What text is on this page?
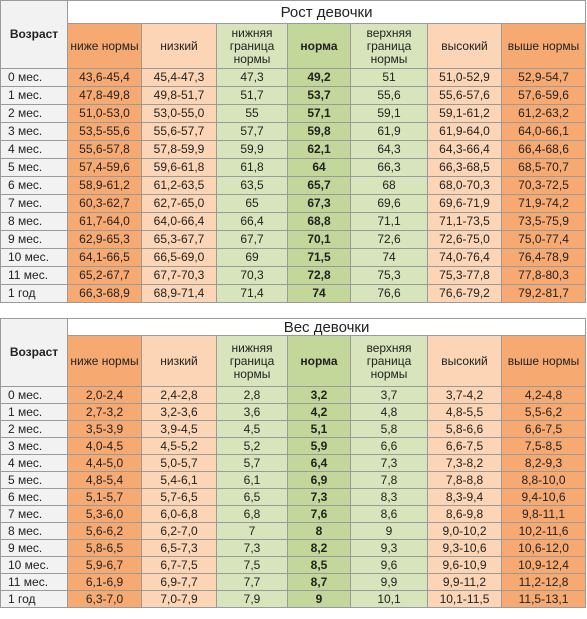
Возраст	Рост девочки						
	ниже нормы	низкий	нижняя граница нормы	норма	верхняя граница нормы	высокий	выше нормы
0 мес.	43,6-45,4	45,4-47,3	47,3	49,2	51	51,0-52,9	52,9-54,7
1 мес.	47,8-49,8	49,8-51,7	51,7	53,7	55,6	55,6-57,6	57,6-59,6
2 мес.	51,0-53,0	53,0-55,0	55	57,1	59,1	59,1-61,2	61,2-63,2
3 мес.	53,5-55,6	55,6-57,7	57,7	59,8	61,9	61,9-64,0	64,0-66,1
4 мес.	55,6-57,8	57,8-59,9	59,9	62,1	64,3	64,3-66,4	66,4-68,6
5 мес.	57,4-59,6	59,6-61,8	61,8	64	66,3	66,3-68,5	68,5-70,7
6 мес.	58,9-61,2	61,2-63,5	63,5	65,7	68	68,0-70,3	70,3-72,5
7 мес.	60,3-62,7	62,7-65,0	65	67,3	69,6	69,6-71,9	71,9-74,2
8 мес.	61,7-64,0	64,0-66,4	66,4	68,8	71,1	71,1-73,5	73,5-75,9
9 мес.	62,9-65,3	65,3-67,7	67,7	70,1	72,6	72,6-75,0	75,0-77,4
10 мес.	64,1-66,5	66,5-69,0	69	71,5	74	74,0-76,4	76,4-78,9
11 мес.	65,2-67,7	67,7-70,3	70,3	72,8	75,3	75,3-77,8	77,8-80,3
1 год	66,3-68,9	68,9-71,4	71,4	74	76,6	76,6-79,2	79,2-81,7
Возраст	Вес девочки						
	ниже нормы	низкий	нижняя граница нормы	норма	верхняя граница нормы	высокий	выше нормы
0 мес.	2,0-2,4	2,4-2,8	2,8	3,2	3,7	3,7-4,2	4,2-4,8
1 мес.	2,7-3,2	3,2-3,6	3,6	4,2	4,8	4,8-5,5	5,5-6,2
2 мес.	3,5-3,9	3,9-4,5	4,5	5,1	5,8	5,8-6,6	6,6-7,5
3 мес.	4,0-4,5	4,5-5,2	5,2	5,9	6,6	6,6-7,5	7,5-8,5
4 мес.	4,4-5,0	5,0-5,7	5,7	6,4	7,3	7,3-8,2	8,2-9,3
5 мес.	4,8-5,4	5,4-6,1	6,1	6,9	7,8	7,8-8,8	8,8-10,0
6 мес.	5,1-5,7	5,7-6,5	6,5	7,3	8,3	8,3-9,4	9,4-10,6
7 мес.	5,3-6,0	6,0-6,8	6,8	7,6	8,6	8,6-9,8	9,8-11,1
8 мес.	5,6-6,2	6,2-7,0	7	8	9	9,0-10,2	10,2-11,6
9 мес.	5,8-6,5	6,5-7,3	7,3	8,2	9,3	9,3-10,6	10,6-12,0
10 мес.	5,9-6,7	6,7-7,5	7,5	8,5	9,6	9,6-10,9	10,9-12,4
11 мес.	6,1-6,9	6,9-7,7	7,7	8,7	9,9	9,9-11,2	11,2-12,8
1 год	6,3-7,0	7,0-7,9	7,9	9	10,1	10,1-11,5	11,5-13,1
